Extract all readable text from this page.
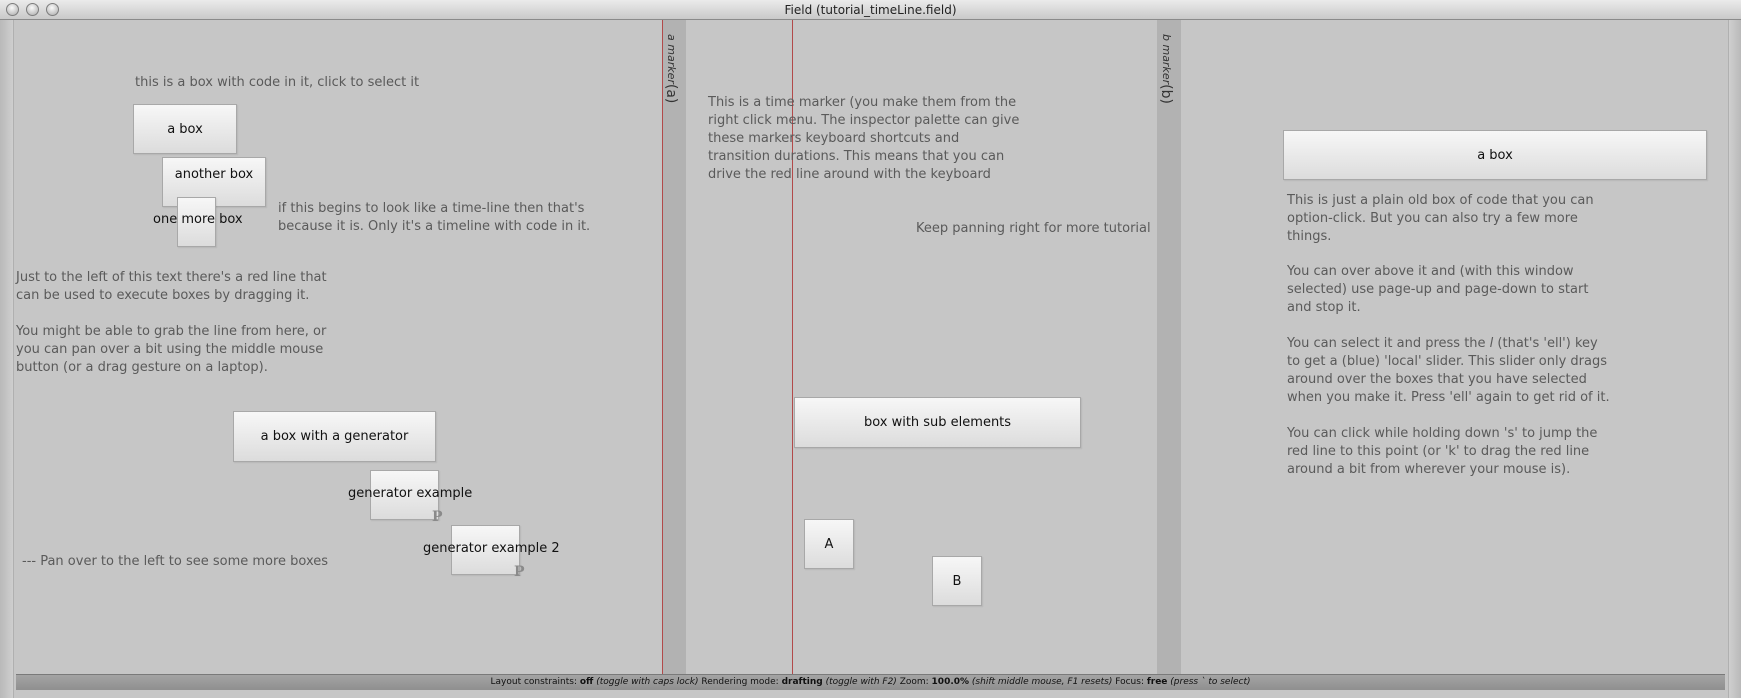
Field (tutorial_timeLine.field)
a marker(a)
b marker(b)
this is a box with code in it, click to select it
a box
another box
one more box
if this begins to look like a time-line then that's
because it is. Only it's a timeline with code in it.
Just to the left of this text there's a red line that
can be used to execute boxes by dragging it.

You might be able to grab the line from here, or
you can pan over a bit using the middle mouse
button (or a drag gesture on a laptop).
a box with a generator
generator example
P
generator example 2
P
--- Pan over to the left to see some more boxes
This is a time marker (you make them from the
right click menu. The inspector palette can give
these markers keyboard shortcuts and
transition durations. This means that you can
drive the red line around with the keyboard
Keep panning right for more tutorial
box with sub elements
A
B
a box
This is just a plain old box of code that you can
option-click. But you can also try a few more
things.
You can over above it and (with this window
selected) use page-up and page-down to start
and stop it.
You can select it and press the l (that's 'ell') key
to get a (blue) 'local' slider. This slider only drags
around over the boxes that you have selected
when you make it. Press 'ell' again to get rid of it.
You can click while holding down 's' to jump the
red line to this point (or 'k' to drag the red line
around a bit from wherever your mouse is).
Layout constraints: off (toggle with caps lock) Rendering mode: drafting (toggle with F2) Zoom: 100.0% (shift middle mouse, F1 resets) Focus: free (press ` to select)
